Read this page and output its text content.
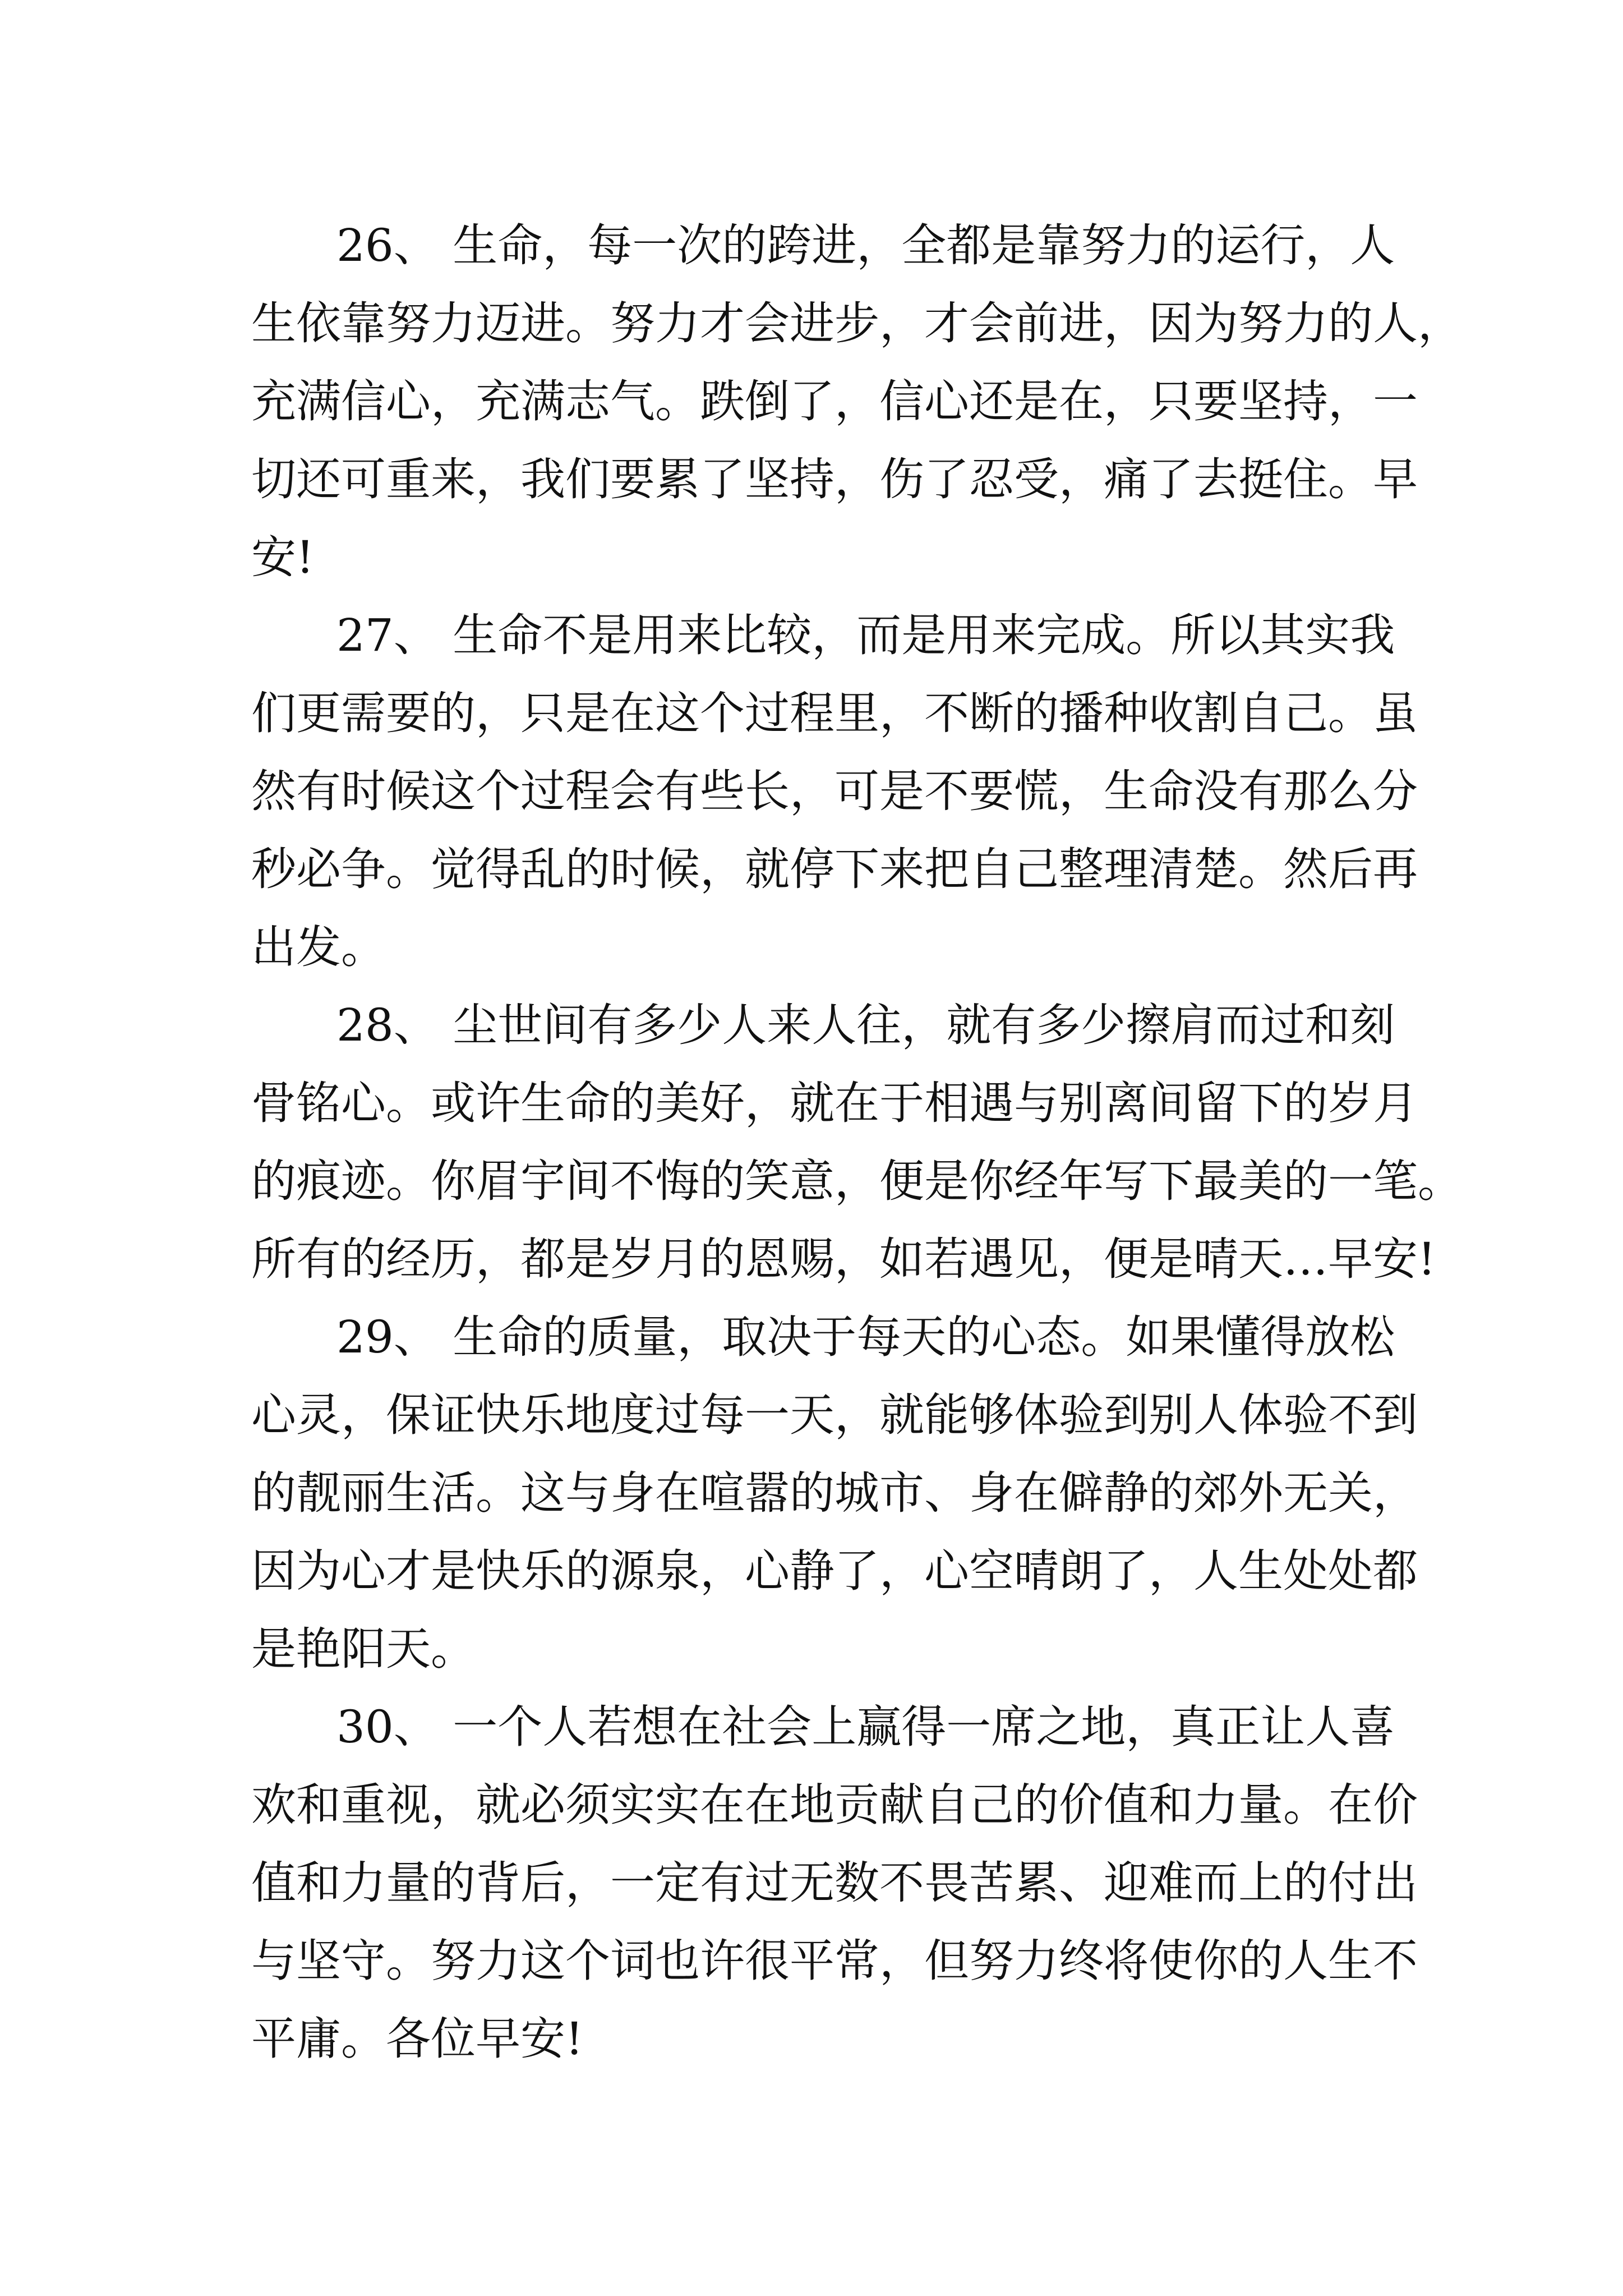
26、 生命，每一次的跨进，全都是靠努力的运行，人
生依靠努力迈进。努力才会进步，才会前进，因为努力的人，
充满信心，充满志气。跌倒了，信心还是在，只要坚持，一
切还可重来，我们要累了坚持，伤了忍受，痛了去挺住。早
安!
27、 生命不是用来比较，而是用来完成。所以其实我
们更需要的，只是在这个过程里，不断的播种收割自己。虽
然有时候这个过程会有些长，可是不要慌，生命没有那么分
秒必争。觉得乱的时候，就停下来把自己整理清楚。然后再
出发。
28、 尘世间有多少人来人往，就有多少擦肩而过和刻
骨铭心。或许生命的美好，就在于相遇与别离间留下的岁月
的痕迹。你眉宇间不悔的笑意，便是你经年写下最美的一笔。
所有的经历，都是岁月的恩赐，如若遇见，便是晴天…早安!
29、 生命的质量，取决于每天的心态。如果懂得放松
心灵，保证快乐地度过每一天，就能够体验到别人体验不到
的靓丽生活。这与身在喧嚣的城市、身在僻静的郊外无关，
因为心才是快乐的源泉，心静了，心空晴朗了，人生处处都
是艳阳天。
30、 一个人若想在社会上赢得一席之地，真正让人喜
欢和重视，就必须实实在在地贡献自己的价值和力量。在价
值和力量的背后，一定有过无数不畏苦累、迎难而上的付出
与坚守。努力这个词也许很平常，但努力终将使你的人生不
平庸。各位早安!
